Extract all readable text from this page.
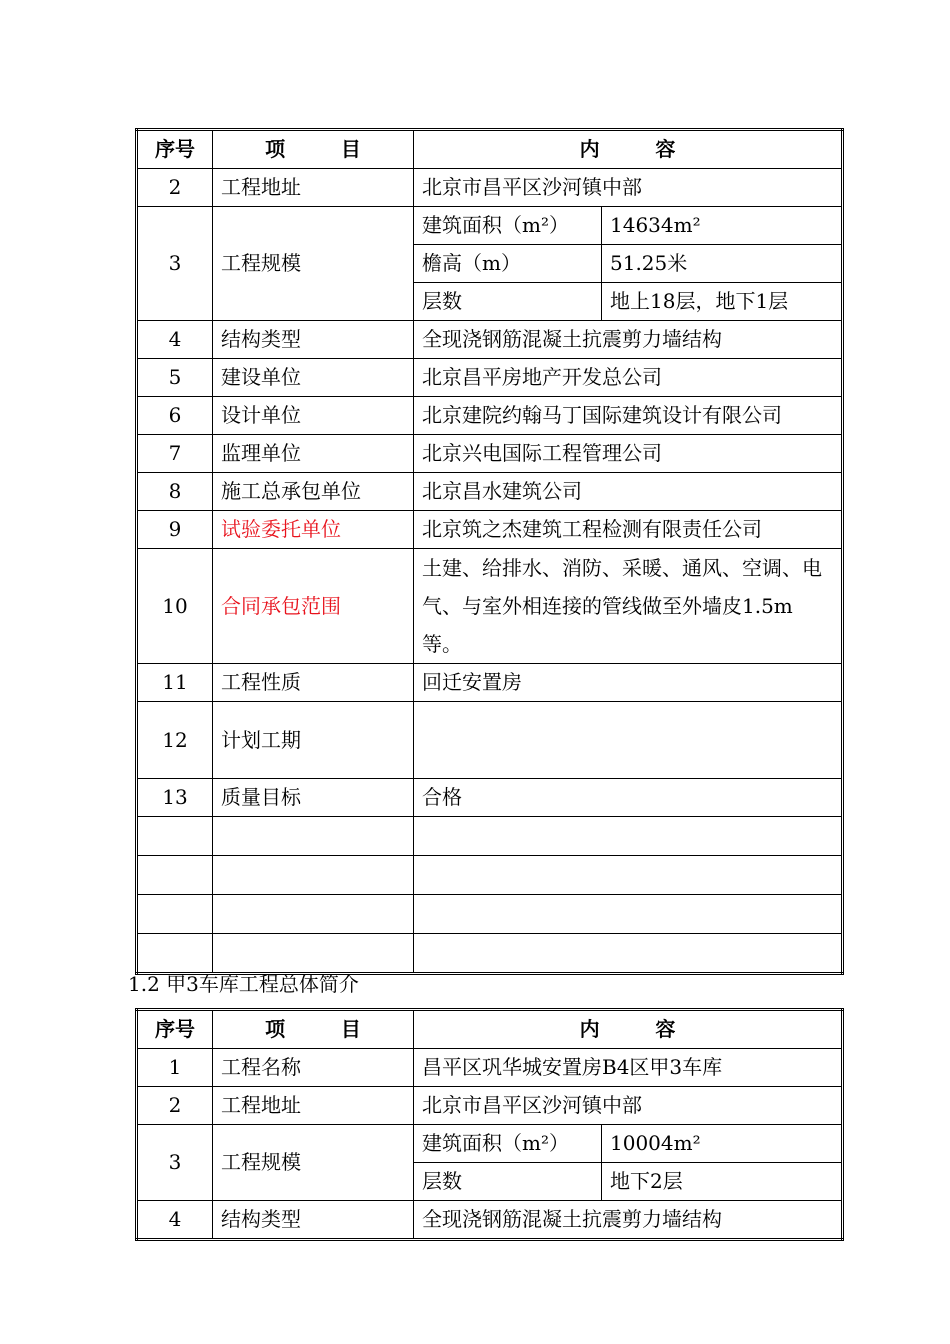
序号	项        目	内        容	
2	工程地址	北京市昌平区沙河镇中部	
3	工程规模	建筑面积（m²）	14634m²
		檐高（m）	51.25米
		层数	地上18层，地下1层
4	结构类型	全现浇钢筋混凝土抗震剪力墙结构	
5	建设单位	北京昌平房地产开发总公司	
6	设计单位	北京建院约翰马丁国际建筑设计有限公司	
7	监理单位	北京兴电国际工程管理公司	
8	施工总承包单位	北京昌水建筑公司	
9	试验委托单位	北京筑之杰建筑工程检测有限责任公司	
10	合同承包范围	土建、给排水、消防、采暖、通风、空调、电气、与室外相连接的管线做至外墙皮1.5m等。	
11	工程性质	回迁安置房	
12	计划工期		
13	质量目标	合格	

1.2 甲3车库工程总体简介
序号	项        目	内        容	
1	工程名称	昌平区巩华城安置房B4区甲3车库	
2	工程地址	北京市昌平区沙河镇中部	
3	工程规模	建筑面积（m²）	10004m²
		层数	地下2层
4	结构类型	全现浇钢筋混凝土抗震剪力墙结构	
